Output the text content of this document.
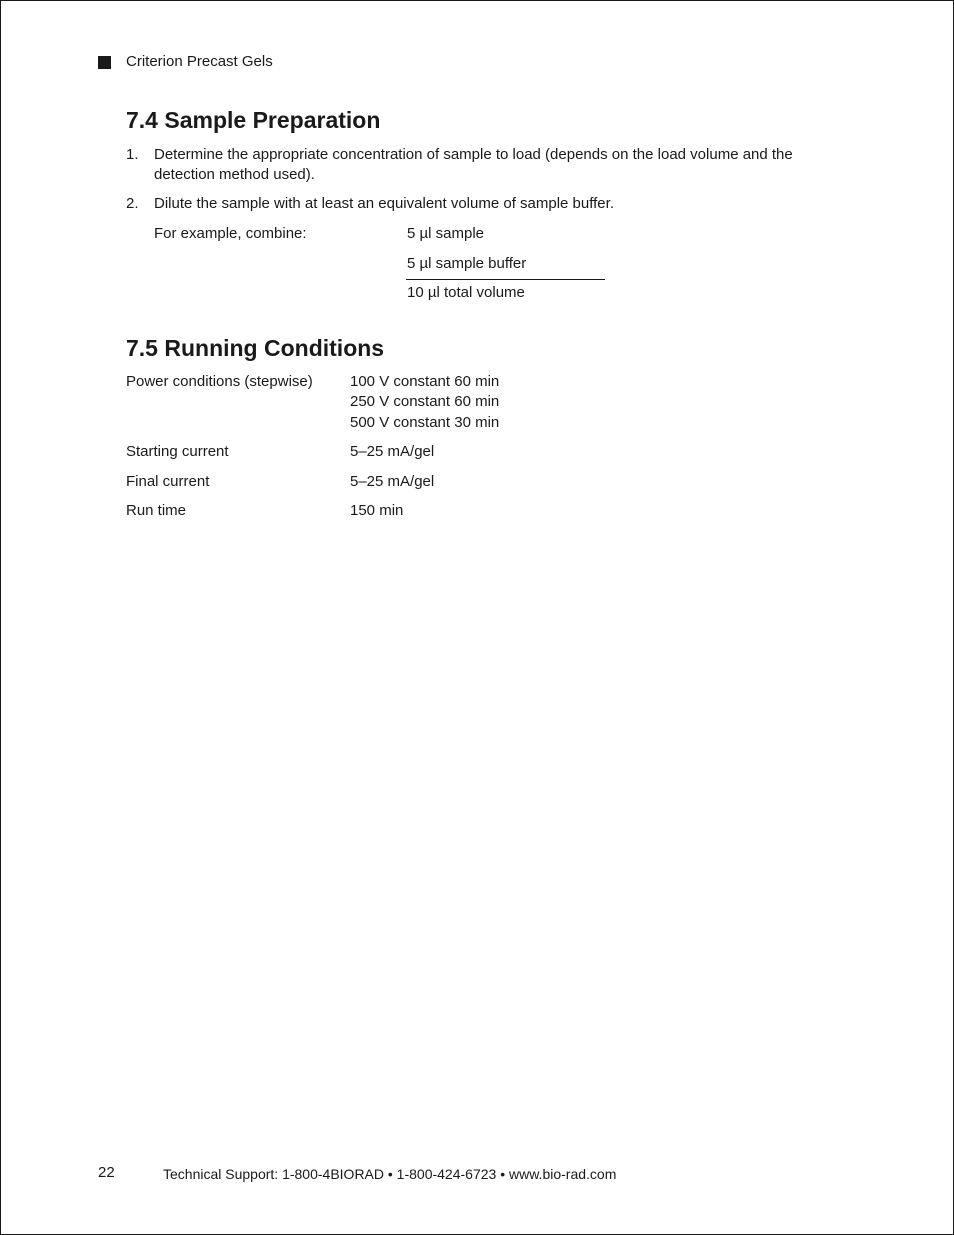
Criterion Precast Gels
7.4 Sample Preparation
1. Determine the appropriate concentration of sample to load (depends on the load volume and the detection method used).
2. Dilute the sample with at least an equivalent volume of sample buffer.
For example, combine:	5 µl sample
5 µl sample buffer
10 µl total volume
7.5 Running Conditions
Power conditions (stepwise) 100 V constant 60 min
250 V constant 60 min
500 V constant 30 min
Starting current	5–25 mA/gel
Final current	5–25 mA/gel
Run time	150 min
22	Technical Support: 1-800-4BIORAD • 1-800-424-6723 • www.bio-rad.com
